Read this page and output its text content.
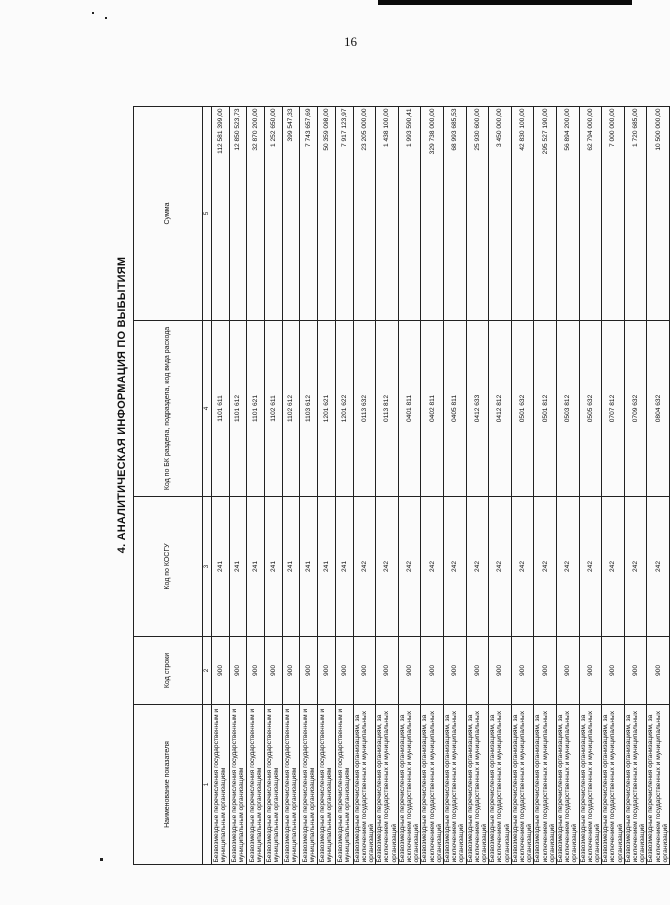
16
4. АНАЛИТИЧЕСКАЯ ИНФОРМАЦИЯ ПО ВЫБЫТИЯМ
Наименование показателя	Код строки	Код по КОСГУ	Код по БК раздела, подраздела, код вида расхода	Сумма
1	2	3	4	5
Безвозмездные перечисления государственным и муниципальным организациям	900	241	1101 611	112 581 399,00
Безвозмездные перечисления государственным и муниципальным организациям	900	241	1101 612	12 850 523,73
Безвозмездные перечисления государственным и муниципальным организациям	900	241	1101 621	32 870 200,00
Безвозмездные перечисления государственным и муниципальным организациям	900	241	1102 611	1 252 650,00
Безвозмездные перечисления государственным и муниципальным организациям	900	241	1102 612	399 547,33
Безвозмездные перечисления государственным и муниципальным организациям	900	241	1103 612	7 743 657,69
Безвозмездные перечисления государственным и муниципальным организациям	900	241	1201 621	50 359 098,00
Безвозмездные перечисления государственным и муниципальным организациям	900	241	1201 622	7 917 123,97
Безвозмездные перечисления организациям, за исключением государственных и муниципальных организаций	900	242	0113 632	23 205 000,00
Безвозмездные перечисления организациям, за исключением государственных и муниципальных организаций	900	242	0113 812	1 438 100,00
Безвозмездные перечисления организациям, за исключением государственных и муниципальных организаций	900	242	0401 811	1 993 590,41
Безвозмездные перечисления организациям, за исключением государственных и муниципальных организаций	900	242	0402 811	329 738 000,00
Безвозмездные перечисления организациям, за исключением государственных и муниципальных организаций	900	242	0405 811	68 993 685,53
Безвозмездные перечисления организациям, за исключением государственных и муниципальных организаций	900	242	0412 633	25 930 600,00
Безвозмездные перечисления организациям, за исключением государственных и муниципальных организаций	900	242	0412 812	3 450 000,00
Безвозмездные перечисления организациям, за исключением государственных и муниципальных организаций	900	242	0501 632	42 830 100,00
Безвозмездные перечисления организациям, за исключением государственных и муниципальных организаций	900	242	0501 812	295 527 190,00
Безвозмездные перечисления организациям, за исключением государственных и муниципальных организаций	900	242	0503 812	56 894 200,00
Безвозмездные перечисления организациям, за исключением государственных и муниципальных организаций	900	242	0505 632	62 794 000,00
Безвозмездные перечисления организациям, за исключением государственных и муниципальных организаций	900	242	0707 812	7 000 000,00
Безвозмездные перечисления организациям, за исключением государственных и муниципальных организаций	900	242	0709 632	1 720 685,00
Безвозмездные перечисления организациям, за исключением государственных и муниципальных организаций	900	242	0804 632	10 500 000,00
